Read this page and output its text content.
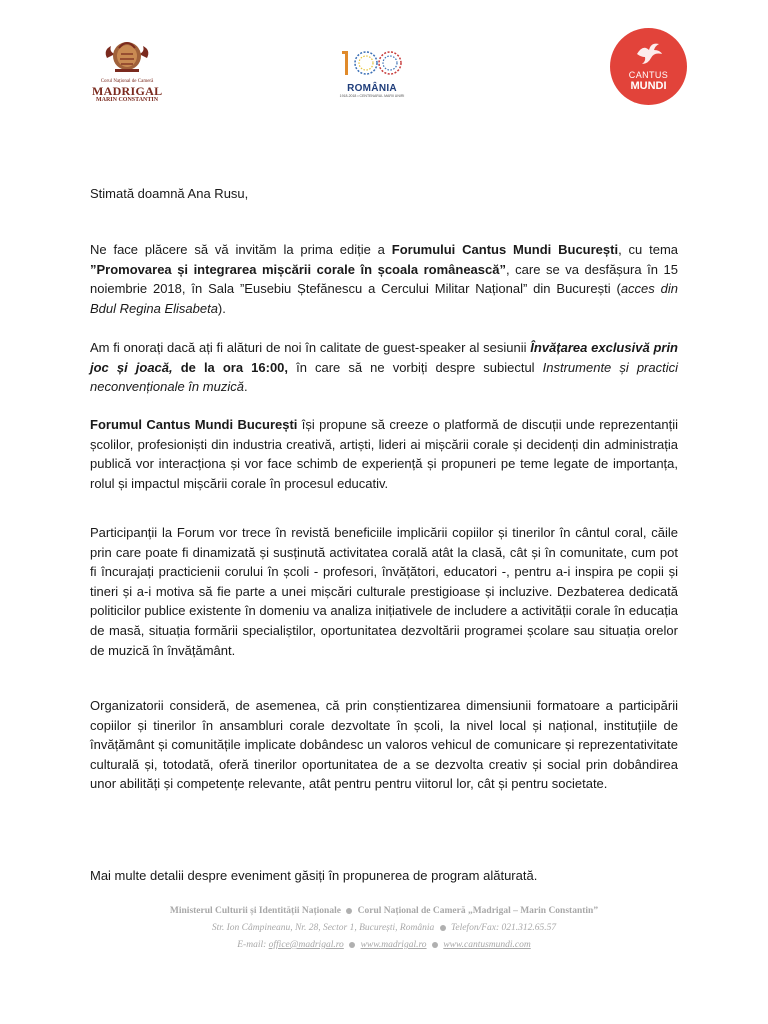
Corul Național de Cameră
MADRIGAL
MARIN CONSTANTIN
ROMÂNIA
1918-2018 • CENTENARUL MARII UNIRI
CANTUS
MUNDI
Stimată doamnă Ana Rusu,
Ne face plăcere să vă invităm la prima ediție a Forumului Cantus Mundi București, cu tema ”Promovarea și integrarea mișcării corale în școala românească”, care se va desfășura în 15 noiembrie 2018, în Sala ”Eusebiu Ștefănescu a Cercului Militar Național” din București (acces din Bdul Regina Elisabeta).
Am fi onorați dacă ați fi alături de noi în calitate de guest-speaker al sesiunii Învățarea exclusivă prin joc și joacă, de la ora 16:00, în care să ne vorbiți despre subiectul Instrumente și practici neconvenționale în muzică.
Forumul Cantus Mundi București își propune să creeze o platformă de discuții unde reprezentanții școlilor, profesioniști din industria creativă, artiști, lideri ai mișcării corale și decidenți din administrația publică vor interacționa și vor face schimb de experiență și propuneri pe teme legate de importanța, rolul și impactul mișcării corale în procesul educativ.
Participanții la Forum vor trece în revistă beneficiile implicării copiilor și tinerilor în cântul coral, căile prin care poate fi dinamizată și susținută activitatea corală atât la clasă, cât și în comunitate, cum pot fi încurajați practicienii corului în școli - profesori, învățători, educatori -, pentru a-i inspira pe copii și tineri și a-i motiva să fie parte a unei mișcări culturale prestigioase și incluzive. Dezbaterea dedicată politicilor publice existente în domeniu va analiza inițiativele de includere a activității corale în educația de masă, situația formării specialiștilor, oportunitatea dezvoltării programei școlare sau situația orelor de muzică în învățământ.
Organizatorii consideră, de asemenea, că prin conștientizarea dimensiunii formatoare a participării copiilor și tinerilor în ansambluri corale dezvoltate în școli, la nivel local și național, instituțiile de învățământ și comunitățile implicate dobândesc un valoros vehicul de comunicare și reprezentativitate culturală și, totodată, oferă tinerilor oportunitatea de a se dezvolta creativ și social prin dobândirea unor abilități și competențe relevante, atât pentru pentru viitorul lor, cât și pentru societate.
Mai multe detalii despre eveniment găsiți în propunerea de program alăturată.
Ministerul Culturii și Identității Naționale Corul Național de Cameră „Madrigal – Marin Constantin”
Str. Ion Câmpineanu, Nr. 28, Sector 1, București, România Telefon/Fax: 021.312.65.57
E-mail: office@madrigal.ro www.madrigal.ro www.cantusmundi.com
